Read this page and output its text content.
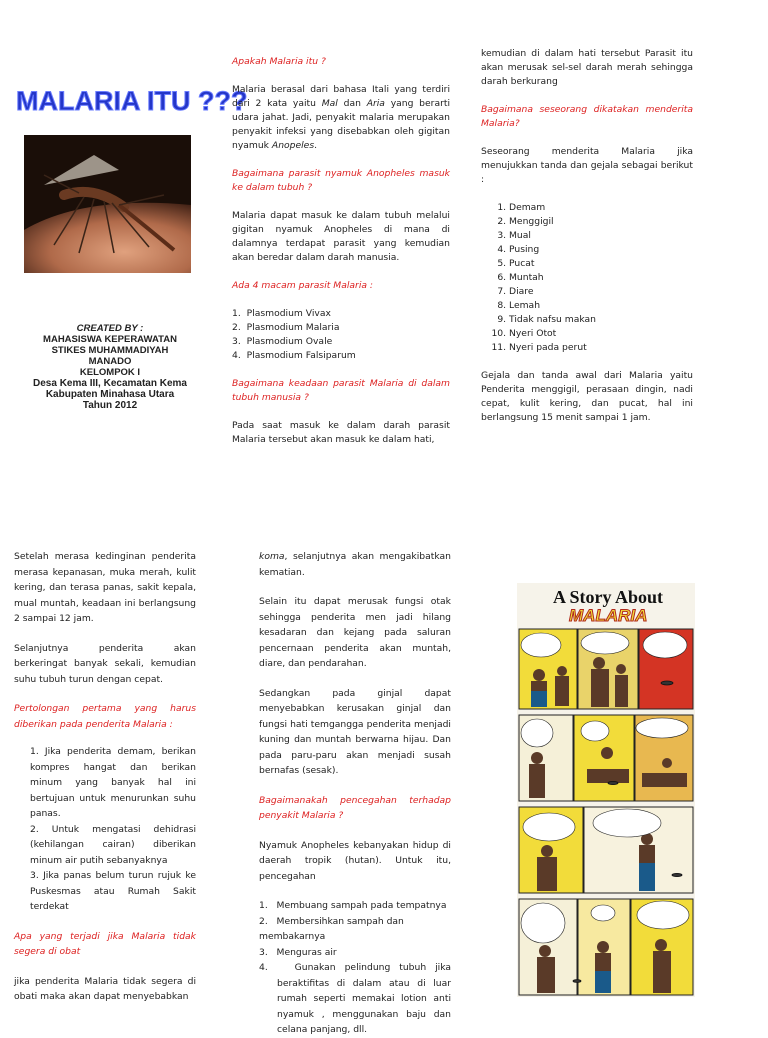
MALARIA ITU ???
CREATED BY :
MAHASISWA KEPERAWATAN
STIKES MUHAMMADIYAH
MANADO
KELOMPOK I
Desa Kema III, Kecamatan Kema
Kabupaten Minahasa Utara
Tahun 2012

Apakah Malaria itu ?

Malaria berasal dari bahasa Itali yang terdiri dari 2 kata yaitu Mal dan Aria yang berarti udara jahat. Jadi, penyakit malaria merupakan penyakit infeksi yang disebabkan oleh gigitan nyamuk Anopeles.

Bagaimana parasit nyamuk Anopheles masuk ke dalam tubuh ?

Malaria dapat masuk ke dalam tubuh melalui gigitan nyamuk Anopheles di mana di dalamnya terdapat parasit yang kemudian akan beredar dalam darah manusia.

Ada 4 macam parasit Malaria :

1.  Plasmodium Vivax
2.  Plasmodium Malaria
3.  Plasmodium Ovale
4.  Plasmodium Falsiparum

Bagaimana keadaan parasit Malaria di dalam tubuh manusia ?

Pada saat masuk ke dalam darah parasit Malaria tersebut akan masuk ke dalam hati,

kemudian di dalam hati tersebut Parasit itu akan merusak sel-sel darah merah sehingga darah berkurang

Bagaimana seseorang dikatakan menderita Malaria?

Seseorang menderita Malaria jika menujukkan tanda dan gejala sebagai berikut :

1. Demam
2. Menggigil
3. Mual
4. Pusing
5. Pucat
6. Muntah
7. Diare
8. Lemah
9. Tidak nafsu makan
10. Nyeri Otot
11. Nyeri pada perut

Gejala dan tanda awal dari Malaria yaitu Penderita menggigil, perasaan dingin, nadi cepat, kulit kering, dan pucat, hal ini berlangsung 15 menit sampai 1 jam.

Setelah merasa kedinginan penderita merasa kepanasan, muka merah, kulit kering, dan terasa panas, sakit kepala, mual muntah, keadaan ini berlangsung 2 sampai 12 jam.

Selanjutnya penderita akan berkeringat banyak sekali, kemudian suhu tubuh turun dengan cepat.

Pertolongan pertama yang harus diberikan pada penderita Malaria :

1. Jika penderita demam, berikan kompres hangat dan berikan minum yang banyak hal ini bertujuan untuk menurunkan suhu panas.

2. Untuk mengatasi dehidrasi (kehilangan cairan) diberikan minum air putih sebanyaknya

3. Jika panas belum turun rujuk ke Puskesmas atau Rumah Sakit terdekat

Apa yang terjadi jika Malaria tidak segera di obat

jika penderita Malaria tidak segera di obati maka akan dapat menyebabkan

koma, selanjutnya akan mengakibatkan kematian.

Selain itu dapat merusak fungsi otak sehingga penderita men jadi hilang kesadaran dan kejang pada saluran pencernaan penderita akan muntah, diare, dan pendarahan.

Sedangkan pada ginjal dapat menyebabkan kerusakan ginjal dan fungsi hati temgangga penderita menjadi kuning dan muntah berwarna hijau. Dan pada paru-paru akan menjadi susah bernafas (sesak).

Bagaimanakah pencegahan terhadap penyakit Malaria ?

Nyamuk Anopheles kebanyakan hidup di daerah tropik (hutan). Untuk itu, pencegahan

1.   Membuang sampah pada tempatnya
2.   Membersihkan sampah dan membakarnya
3.   Menguras air
4.   Gunakan pelindung tubuh jika beraktifitas di dalam atau di luar rumah seperti memakai lotion anti nyamuk , menggunakan baju dan celana panjang, dll.
A Story About
MALARIA
